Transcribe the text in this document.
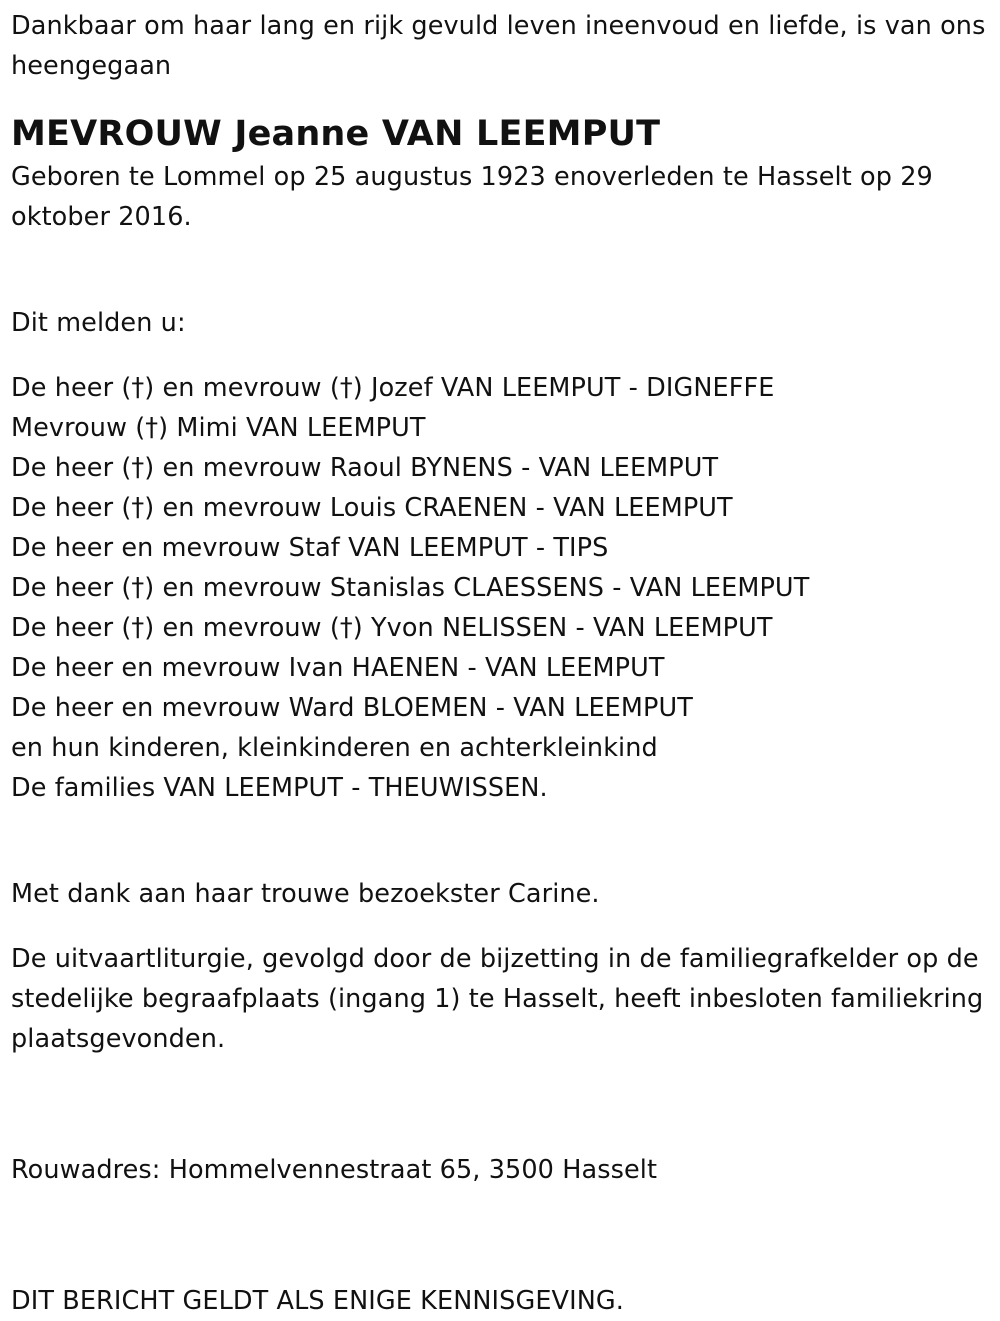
Dankbaar om haar lang en rijk gevuld leven ineenvoud en liefde, is van ons heengegaan

MEVROUW Jeanne VAN LEEMPUT

Geboren te Lommel op 25 augustus 1923 enoverleden te Hasselt op 29 oktober 2016.

Dit melden u:

De heer (†) en mevrouw (†) Jozef VAN LEEMPUT - DIGNEFFE
Mevrouw (†) Mimi VAN LEEMPUT
De heer (†) en mevrouw Raoul BYNENS - VAN LEEMPUT
De heer (†) en mevrouw Louis CRAENEN - VAN LEEMPUT
De heer en mevrouw Staf VAN LEEMPUT - TIPS
De heer (†) en mevrouw Stanislas CLAESSENS - VAN LEEMPUT
De heer (†) en mevrouw (†) Yvon NELISSEN - VAN LEEMPUT
De heer en mevrouw Ivan HAENEN - VAN LEEMPUT
De heer en mevrouw Ward BLOEMEN - VAN LEEMPUT
en hun kinderen, kleinkinderen en achterkleinkind
De families VAN LEEMPUT - THEUWISSEN.

Met dank aan haar trouwe bezoekster Carine.

De uitvaartliturgie, gevolgd door de bijzetting in de familiegrafkelder op de stedelijke begraafplaats (ingang 1) te Hasselt, heeft inbesloten familiekring plaatsgevonden.

Rouwadres: Hommelvennestraat 65, 3500 Hasselt

DIT BERICHT GELDT ALS ENIGE KENNISGEVING.
